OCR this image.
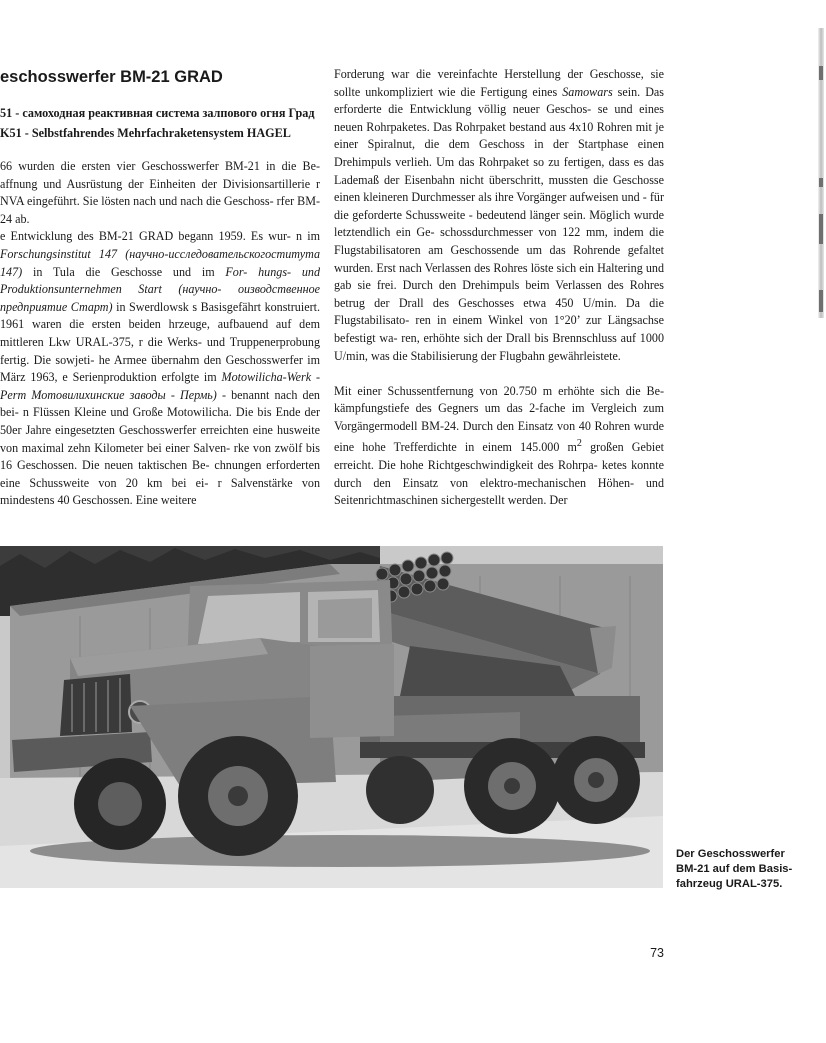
eschosswerfer BM-21 GRAD
51 - самоходная реактивная система залпового огня Град
K51 - Selbstfahrendes Mehrfachraketensystem HAGEL

66 wurden die ersten vier Geschosswerfer BM-21 in die Be- affnung und Ausrüstung der Einheiten der Divisionsartillerie r NVA eingeführt. Sie lösten nach und nach die Geschoss- rfer BM-24 ab.

e Entwicklung des BM-21 GRAD begann 1959. Es wur- n im Forschungsinstitut 147 (научно-исследовательскогоститута 147) in Tula die Geschosse und im For- hungs- und Produktionsunternehmen Start (научно- оизводственное предприятие Старт) in Swerdlowsk s Basisgefährt konstruiert. 1961 waren die ersten beiden hrzeuge, aufbauend auf dem mittleren Lkw URAL-375, r die Werks- und Truppenerprobung fertig. Die sowjeti- he Armee übernahm den Geschosswerfer im März 1963, e Serienproduktion erfolgte im Motowilicha-Werk - Perm Мотовилихинские заводы - Пермь) - benannt nach den bei- n Flüssen Kleine und Große Motowilicha. Die bis Ende der 50er Jahre eingesetzten Geschosswerfer erreichten eine husweite von maximal zehn Kilometer bei einer Salven- rke von zwölf bis 16 Geschossen. Die neuen taktischen Be- chnungen erforderten eine Schussweite von 20 km bei ei- r Salvenstärke von mindestens 40 Geschossen. Eine weitere

Forderung war die vereinfachte Herstellung der Geschosse, sie sollte unkompliziert wie die Fertigung eines Samowars sein. Das erforderte die Entwicklung völlig neuer Geschos- se und eines neuen Rohrpaketes. Das Rohrpaket bestand aus 4x10 Rohren mit je einer Spiralnut, die dem Geschoss in der Startphase einen Drehimpuls verlieh. Um das Rohrpaket so zu fertigen, dass es das Lademaß der Eisenbahn nicht überschritt, mussten die Geschosse einen kleineren Durchmesser als ihre Vorgänger aufweisen und - für die geforderte Schussweite - bedeutend länger sein. Möglich wurde letztendlich ein Ge- schossdurchmesser von 122 mm, indem die Flugstabilisatoren am Geschossende um das Rohrende gefaltet wurden. Erst nach Verlassen des Rohres löste sich ein Haltering und gab sie frei. Durch den Drehimpuls beim Verlassen des Rohres betrug der Drall des Geschosses etwa 450 U/min. Da die Flugstabilisato- ren in einem Winkel von 1°20’ zur Längsachse befestigt wa- ren, erhöhte sich der Drall bis Brennschluss auf 1000 U/min, was die Stabilisierung der Flugbahn gewährleistete.

Mit einer Schussentfernung von 20.750 m erhöhte sich die Be- kämpfungstiefe des Gegners um das 2-fache im Vergleich zum Vorgängermodell BM-24. Durch den Einsatz von 40 Rohren wurde eine hohe Trefferdichte in einem 145.000 $m^2$ großen Gebiet erreicht. Die hohe Richtgeschwindigkeit des Rohrpa- ketes konnte durch den Einsatz von elektro-mechanischen Höhen- und Seitenrichtmaschinen sichergestellt werden. Der

Der Geschosswerfer
BM-21 auf dem Basis-
fahrzeug URAL-375.
73
